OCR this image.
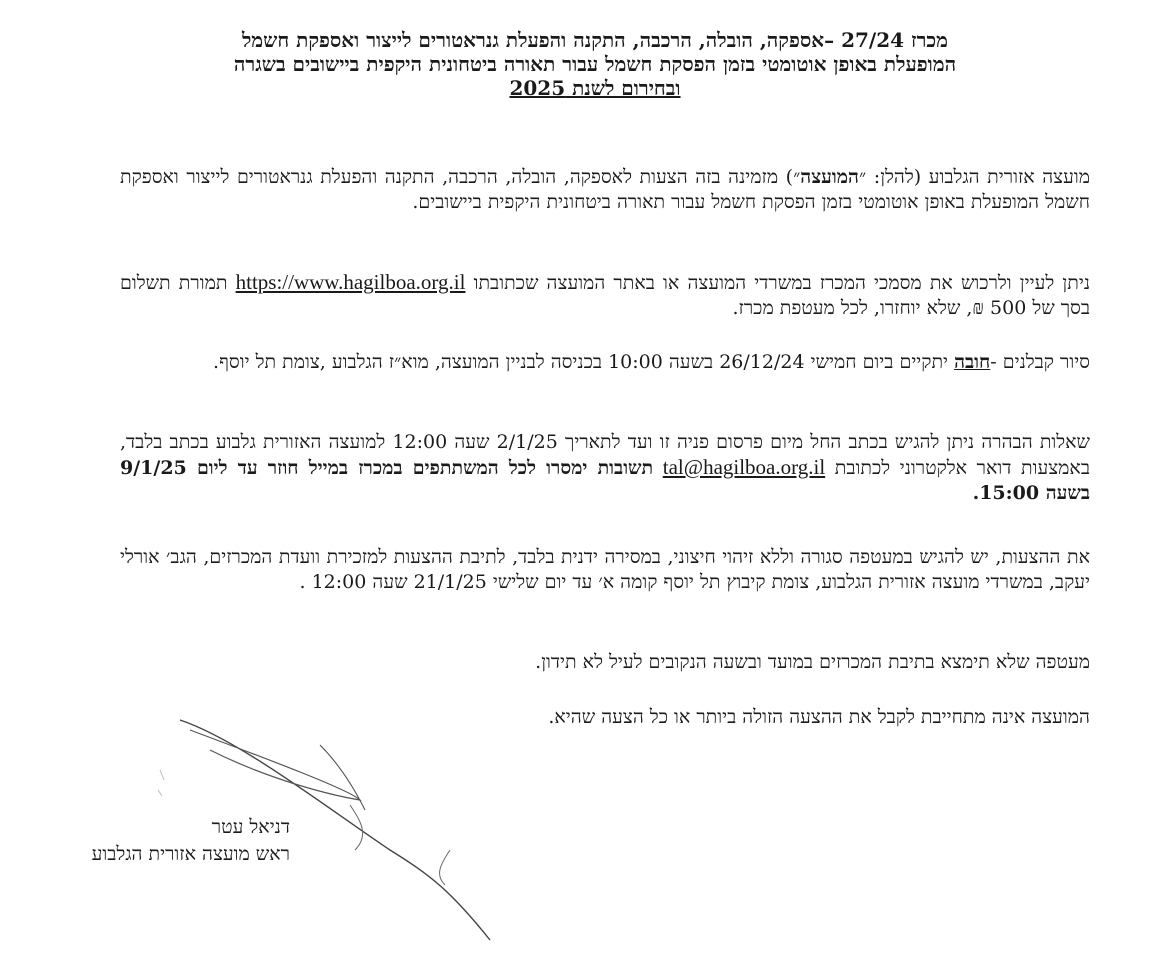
מכרז 27/24 –אספקה, הובלה, הרכבה, התקנה והפעלת גנראטורים לייצור ואספקת חשמל
המופעלת באופן אוטומטי בזמן הפסקת חשמל עבור תאורה ביטחונית היקפית ביישובים בשגרה
ובחירום לשנת 2025
מועצה אזורית הגלבוע (להלן: ״המועצה״) מזמינה בזה הצעות לאספקה, הובלה, הרכבה, התקנה והפעלת גנראטורים לייצור ואספקת חשמל המופעלת באופן אוטומטי בזמן הפסקת חשמל עבור תאורה ביטחונית היקפית ביישובים.
ניתן לעיין ולרכוש את מסמכי המכרז במשרדי המועצה או באתר המועצה שכתובתו https://www.hagilboa.org.il תמורת תשלום בסך של 500 ₪, שלא יוחזרו, לכל מעטפת מכרז.
סיור קבלנים -חובה יתקיים ביום חמישי 26/12/24 בשעה 10:00 בכניסה לבניין המועצה, מוא״ז הגלבוע ,צומת תל יוסף.
שאלות הבהרה ניתן להגיש בכתב החל מיום פרסום פניה זו ועד לתאריך 2/1/25 שעה 12:00 למועצה האזורית גלבוע בכתב בלבד, באמצעות דואר אלקטרוני לכתובת tal@hagilboa.org.il תשובות ימסרו לכל המשתתפים במכרז במייל חוזר עד ליום 9/1/25 בשעה 15:00.
את ההצעות, יש להגיש במעטפה סגורה וללא זיהוי חיצוני, במסירה ידנית בלבד, לתיבת ההצעות למזכירת וועדת המכרזים, הגב׳ אורלי יעקב, במשרדי מועצה אזורית הגלבוע, צומת קיבוץ תל יוסף קומה א׳ עד יום שלישי 21/1/25 שעה 12:00 .
מעטפה שלא תימצא בתיבת המכרזים במועד ובשעה הנקובים לעיל לא תידון.
המועצה אינה מתחייבת לקבל את ההצעה הזולה ביותר או כל הצעה שהיא.
דניאל עטר
ראש מועצה אזורית הגלבוע
